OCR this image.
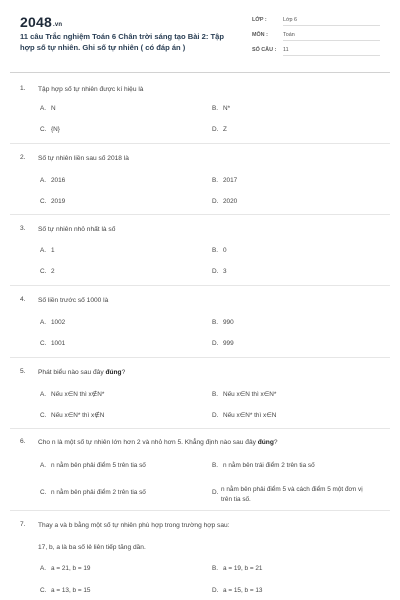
2048.vn
11 câu Trắc nghiệm Toán 6 Chân trời sáng tạo Bài 2: Tập hợp số tự nhiên. Ghi số tự nhiên ( có đáp án )
LỚP :	Lớp 6
MÔN :	Toán
SỐ CÂU : 11
1. Tập hợp số tự nhiên được kí hiệu là
A. N	B. N*
C. {N}	D. Z
2. Số tự nhiên liền sau số 2018 là
A. 2016	B. 2017
C. 2019	D. 2020
3. Số tự nhiên nhỏ nhất là số
A. 1	B. 0
C. 2	D. 3
4. Số liền trước số 1000 là
A. 1002	B. 990
C. 1001	D. 999
5. Phát biểu nào sau đây đúng?
A. Nếu x∈N thì x∉N*	B. Nếu x∈N thì x∈N*
C. Nếu x∈N* thì x∉N	D. Nếu x∈N* thì x∈N
6. Cho n là một số tự nhiên lớn hơn 2 và nhỏ hơn 5. Khẳng định nào sau đây đúng?
A. n nằm bên phải điểm 5 trên tia số	B. n nằm bên trái điểm 2 trên tia số
C. n nằm bên phải điểm 2 trên tia số	D. n nằm bên phải điểm 5 và cách điểm 5 một đơn vị trên tia số.
7. Thay a và b bằng một số tự nhiên phù hợp trong trường hợp sau:
17, b, a là ba số lẻ liên tiếp tăng dần.
A. a = 21, b = 19	B. a = 19, b = 21
C. a = 13, b = 15	D. a = 15, b = 13
